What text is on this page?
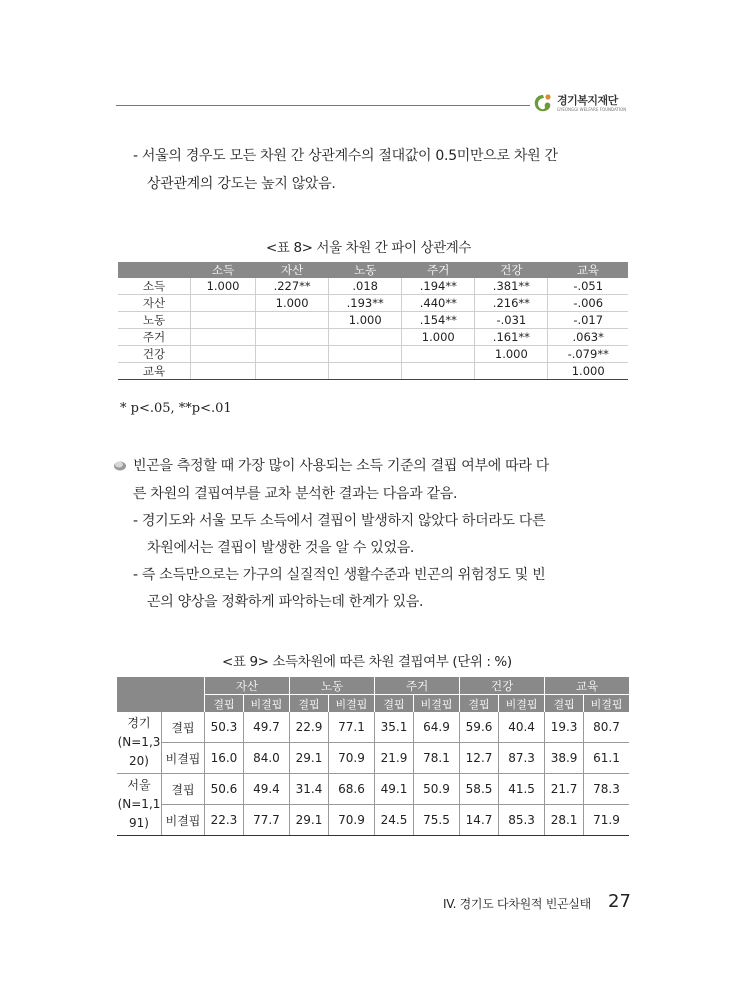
경기복지재단
GYEONGGI WELFARE FOUNDATION
- 서울의 경우도 모든 차원 간 상관계수의 절대값이 0.5미만으로 차원 간
상관관계의 강도는 높지 않았음.
<표 8> 서울 차원 간 파이 상관계수
	소득	자산	노동	주거	건강	교육
소득	1.000	.227**	.018	.194**	.381**	-.051
자산		1.000	.193**	.440**	.216**	-.006
노동			1.000	.154**	-.031	-.017
주거				1.000	.161**	.063*
건강					1.000	-.079**
교육						1.000
* p<.05, **p<.01
빈곤을 측정할 때 가장 많이 사용되는 소득 기준의 결핍 여부에 따라 다
른 차원의 결핍여부를 교차 분석한 결과는 다음과 같음.
- 경기도와 서울 모두 소득에서 결핍이 발생하지 않았다 하더라도 다른
차원에서는 결핍이 발생한 것을 알 수 있었음.
- 즉 소득만으로는 가구의 실질적인 생활수준과 빈곤의 위험정도 및 빈
곤의 양상을 정확하게 파악하는데 한계가 있음.
<표 9> 소득차원에 따른 차원 결핍여부 (단위 : %)
		자산		노동		주거		건강		교육	
		결핍	비결핍	결핍	비결핍	결핍	비결핍	결핍	비결핍	결핍	비결핍
경기
(N=1,3
20)	결핍	50.3	49.7	22.9	77.1	35.1	64.9	59.6	40.4	19.3	80.7
	비결핍	16.0	84.0	29.1	70.9	21.9	78.1	12.7	87.3	38.9	61.1
서울
(N=1,1
91)	결핍	50.6	49.4	31.4	68.6	49.1	50.9	58.5	41.5	21.7	78.3
	비결핍	22.3	77.7	29.1	70.9	24.5	75.5	14.7	85.3	28.1	71.9
IV. 경기도 다차원적 빈곤실태 27
